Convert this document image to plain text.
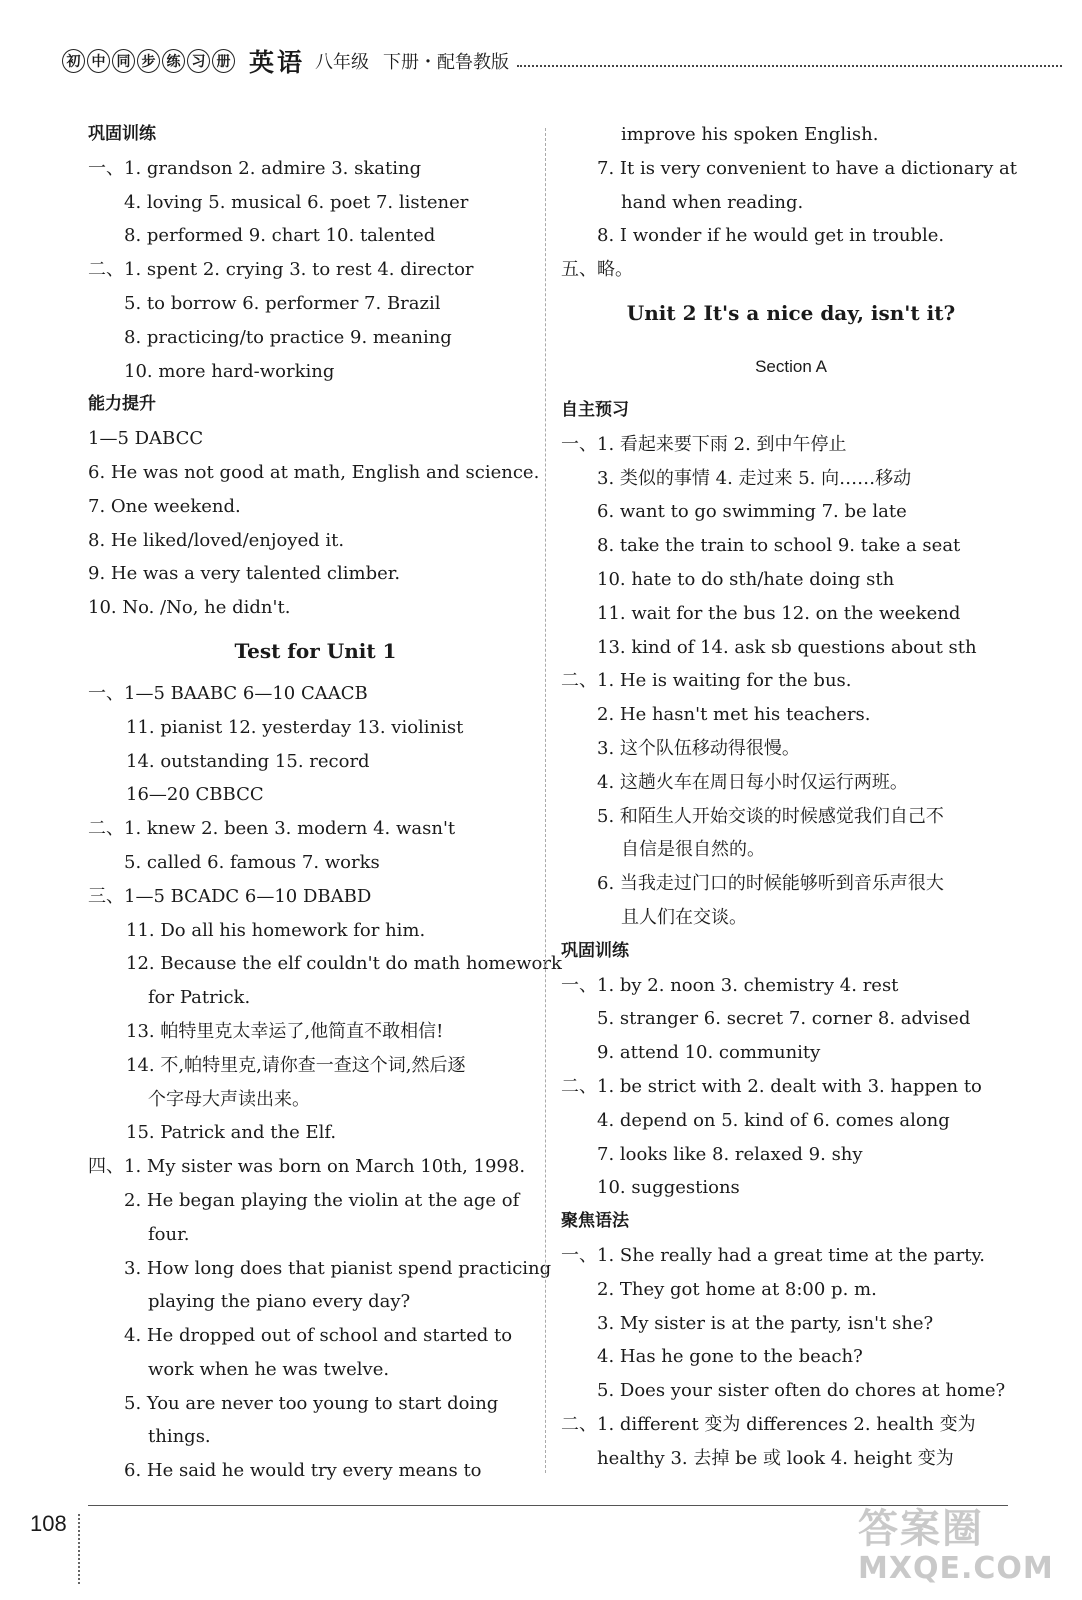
初 中 同 步 练 习 册 英语 八年级 下册・配鲁教版
巩固训练
一、1. grandson 2. admire 3. skating
4. loving 5. musical 6. poet 7. listener
8. performed 9. chart 10. talented
二、1. spent 2. crying 3. to rest 4. director
5. to borrow 6. performer 7. Brazil
8. practicing/to practice 9. meaning
10. more hard-working
能力提升
1—5 DABCC
6. He was not good at math, English and science.
7. One weekend.
8. He liked/loved/enjoyed it.
9. He was a very talented climber.
10. No. /No, he didn't.
Test for Unit 1
一、1—5 BAABC 6—10 CAACB
11. pianist 12. yesterday 13. violinist
14. outstanding 15. record
16—20 CBBCC
二、1. knew 2. been 3. modern 4. wasn't
5. called 6. famous 7. works
三、1—5 BCADC 6—10 DBABD
11. Do all his homework for him.
12. Because the elf couldn't do math homework
for Patrick.
13. 帕特里克太幸运了,他简直不敢相信!
14. 不,帕特里克,请你查一查这个词,然后逐
个字母大声读出来。
15. Patrick and the Elf.
四、1. My sister was born on March 10th, 1998.
2. He began playing the violin at the age of
four.
3. How long does that pianist spend practicing
playing the piano every day?
4. He dropped out of school and started to
work when he was twelve.
5. You are never too young to start doing
things.
6. He said he would try every means to
improve his spoken English.
7. It is very convenient to have a dictionary at
hand when reading.
8. I wonder if he would get in trouble.
五、略。
Unit 2 It's a nice day, isn't it?
Section A
自主预习
一、1. 看起来要下雨 2. 到中午停止
3. 类似的事情 4. 走过来 5. 向……移动
6. want to go swimming 7. be late
8. take the train to school 9. take a seat
10. hate to do sth/hate doing sth
11. wait for the bus 12. on the weekend
13. kind of 14. ask sb questions about sth
二、1. He is waiting for the bus.
2. He hasn't met his teachers.
3. 这个队伍移动得很慢。
4. 这趟火车在周日每小时仅运行两班。
5. 和陌生人开始交谈的时候感觉我们自己不
自信是很自然的。
6. 当我走过门口的时候能够听到音乐声很大
且人们在交谈。
巩固训练
一、1. by 2. noon 3. chemistry 4. rest
5. stranger 6. secret 7. corner 8. advised
9. attend 10. community
二、1. be strict with 2. dealt with 3. happen to
4. depend on 5. kind of 6. comes along
7. looks like 8. relaxed 9. shy
10. suggestions
聚焦语法
一、1. She really had a great time at the party.
2. They got home at 8:00 p. m.
3. My sister is at the party, isn't she?
4. Has he gone to the beach?
5. Does your sister often do chores at home?
二、1. different 变为 differences 2. health 变为
healthy 3. 去掉 be 或 look 4. height 变为
108	答案圈
MXQE.COM
